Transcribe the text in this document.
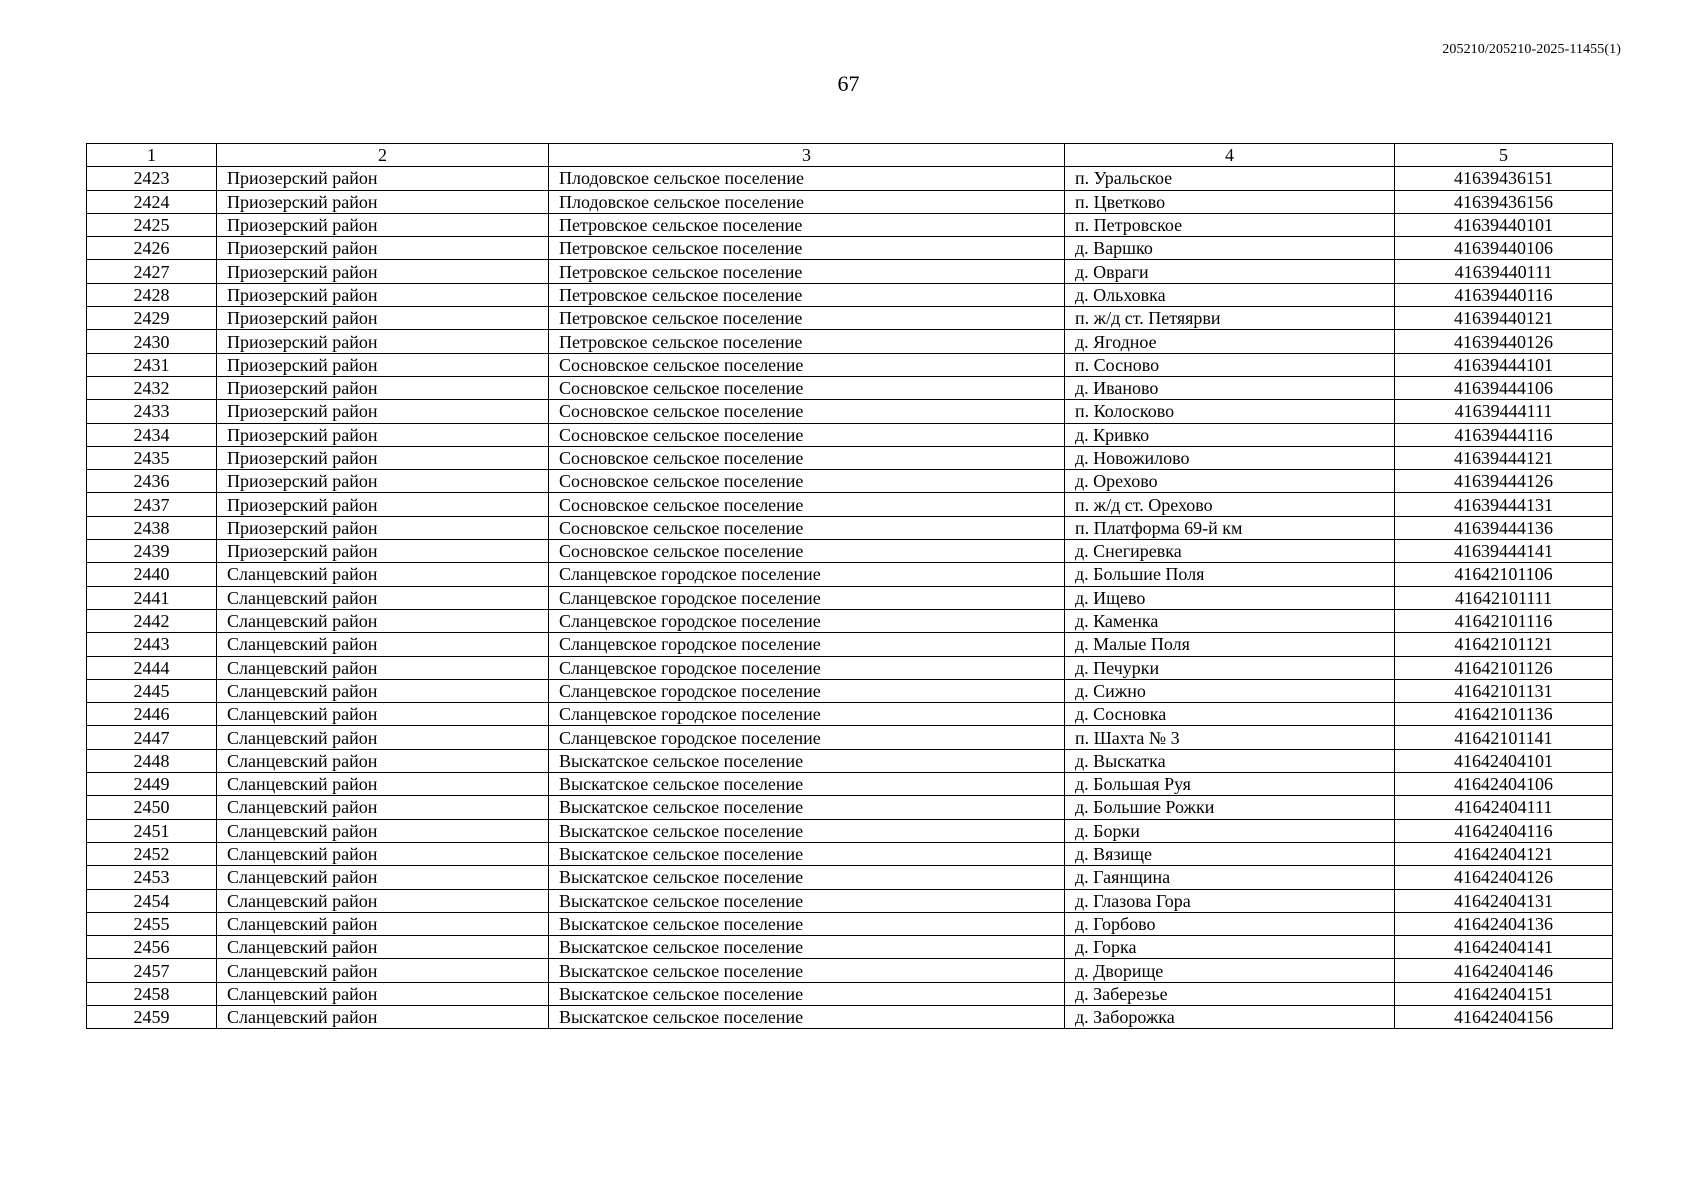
205210/205210-2025-11455(1)
67
1	2	3	4	5
2423	Приозерский район	Плодовское сельское поселение	п. Уральское	41639436151
2424	Приозерский район	Плодовское сельское поселение	п. Цветково	41639436156
2425	Приозерский район	Петровское сельское поселение	п. Петровское	41639440101
2426	Приозерский район	Петровское сельское поселение	д. Варшко	41639440106
2427	Приозерский район	Петровское сельское поселение	д. Овраги	41639440111
2428	Приозерский район	Петровское сельское поселение	д. Ольховка	41639440116
2429	Приозерский район	Петровское сельское поселение	п. ж/д ст. Петяярви	41639440121
2430	Приозерский район	Петровское сельское поселение	д. Ягодное	41639440126
2431	Приозерский район	Сосновское сельское поселение	п. Сосново	41639444101
2432	Приозерский район	Сосновское сельское поселение	д. Иваново	41639444106
2433	Приозерский район	Сосновское сельское поселение	п. Колосково	41639444111
2434	Приозерский район	Сосновское сельское поселение	д. Кривко	41639444116
2435	Приозерский район	Сосновское сельское поселение	д. Новожилово	41639444121
2436	Приозерский район	Сосновское сельское поселение	д. Орехово	41639444126
2437	Приозерский район	Сосновское сельское поселение	п. ж/д ст. Орехово	41639444131
2438	Приозерский район	Сосновское сельское поселение	п. Платформа 69-й км	41639444136
2439	Приозерский район	Сосновское сельское поселение	д. Снегиревка	41639444141
2440	Сланцевский район	Сланцевское городское поселение	д. Большие Поля	41642101106
2441	Сланцевский район	Сланцевское городское поселение	д. Ищево	41642101111
2442	Сланцевский район	Сланцевское городское поселение	д. Каменка	41642101116
2443	Сланцевский район	Сланцевское городское поселение	д. Малые Поля	41642101121
2444	Сланцевский район	Сланцевское городское поселение	д. Печурки	41642101126
2445	Сланцевский район	Сланцевское городское поселение	д. Сижно	41642101131
2446	Сланцевский район	Сланцевское городское поселение	д. Сосновка	41642101136
2447	Сланцевский район	Сланцевское городское поселение	п. Шахта № 3	41642101141
2448	Сланцевский район	Выскатское сельское поселение	д. Выскатка	41642404101
2449	Сланцевский район	Выскатское сельское поселение	д. Большая Руя	41642404106
2450	Сланцевский район	Выскатское сельское поселение	д. Большие Рожки	41642404111
2451	Сланцевский район	Выскатское сельское поселение	д. Борки	41642404116
2452	Сланцевский район	Выскатское сельское поселение	д. Вязище	41642404121
2453	Сланцевский район	Выскатское сельское поселение	д. Гаянщина	41642404126
2454	Сланцевский район	Выскатское сельское поселение	д. Глазова Гора	41642404131
2455	Сланцевский район	Выскатское сельское поселение	д. Горбово	41642404136
2456	Сланцевский район	Выскатское сельское поселение	д. Горка	41642404141
2457	Сланцевский район	Выскатское сельское поселение	д. Дворище	41642404146
2458	Сланцевский район	Выскатское сельское поселение	д. Заберезье	41642404151
2459	Сланцевский район	Выскатское сельское поселение	д. Заборожка	41642404156
